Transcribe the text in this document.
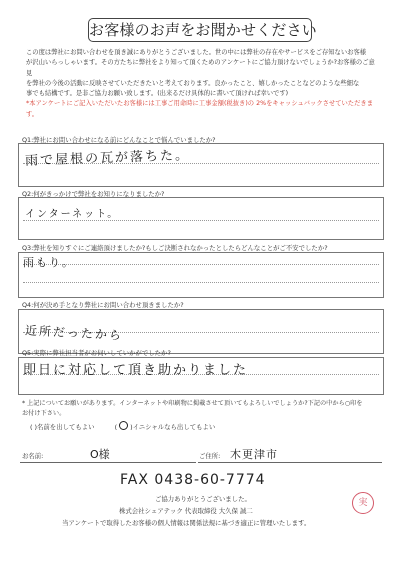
お客様のお声をお聞かせください

この度は弊社にお問い合わせを頂き誠にありがとうございました。世の中には弊社の存在やサービスをご存知ないお客様

が沢山いらっしゃいます。その方たちに弊社をより知って頂くためのアンケートにご協力頂けないでしょうか?お客様のご意見

を弊社の今後の活動に反映させていただきたいと考えております。良かったこと、嬉しかったことなどのような些細な

事でも結構です。是非ご協力お願い致します。(出来るだけ具体的に書いて頂ければ幸いです)

*本アンケートにご記入いただいたお客様には工事ご用命時に工事金額(税抜き)の 2%をキャッシュバックさせていただきます。

Q1:弊社にお問い合わせになる前にどんなことで悩んでいましたか?
雨で屋根の瓦が落ちた。
Q2:何がきっかけで弊社をお知りになりましたか?
インターネット。
Q3:弊社を知りすぐにご連絡頂けましたか?もしご決断されなかったとしたらどんなことがご不安でしたか?
雨もり。
Q4:何が決め手となり弊社にお問い合わせ頂きましたか?
近所だったから
Q5:実際に弊社担当者がお伺いしていかがでしたか?
即日に対応して頂き助かりました

* 上記についてお願いがあります。インターネットや印刷物に掲載させて頂いてもよろしいでしょうか?下記の中から○印を

お付け下さい。

( )名前を出してもよい	( ○ )イニシャルなら出してもよい
お名前:	O様	ご住所: 木更津市
FAX 0438-60-7774
ご協力ありがとうございました。
株式会社シェアテック 代表取締役 大久保 誠二
当アンケートで取得したお客様の個人情報は関係法規に基づき適正に管理いたします。
実
